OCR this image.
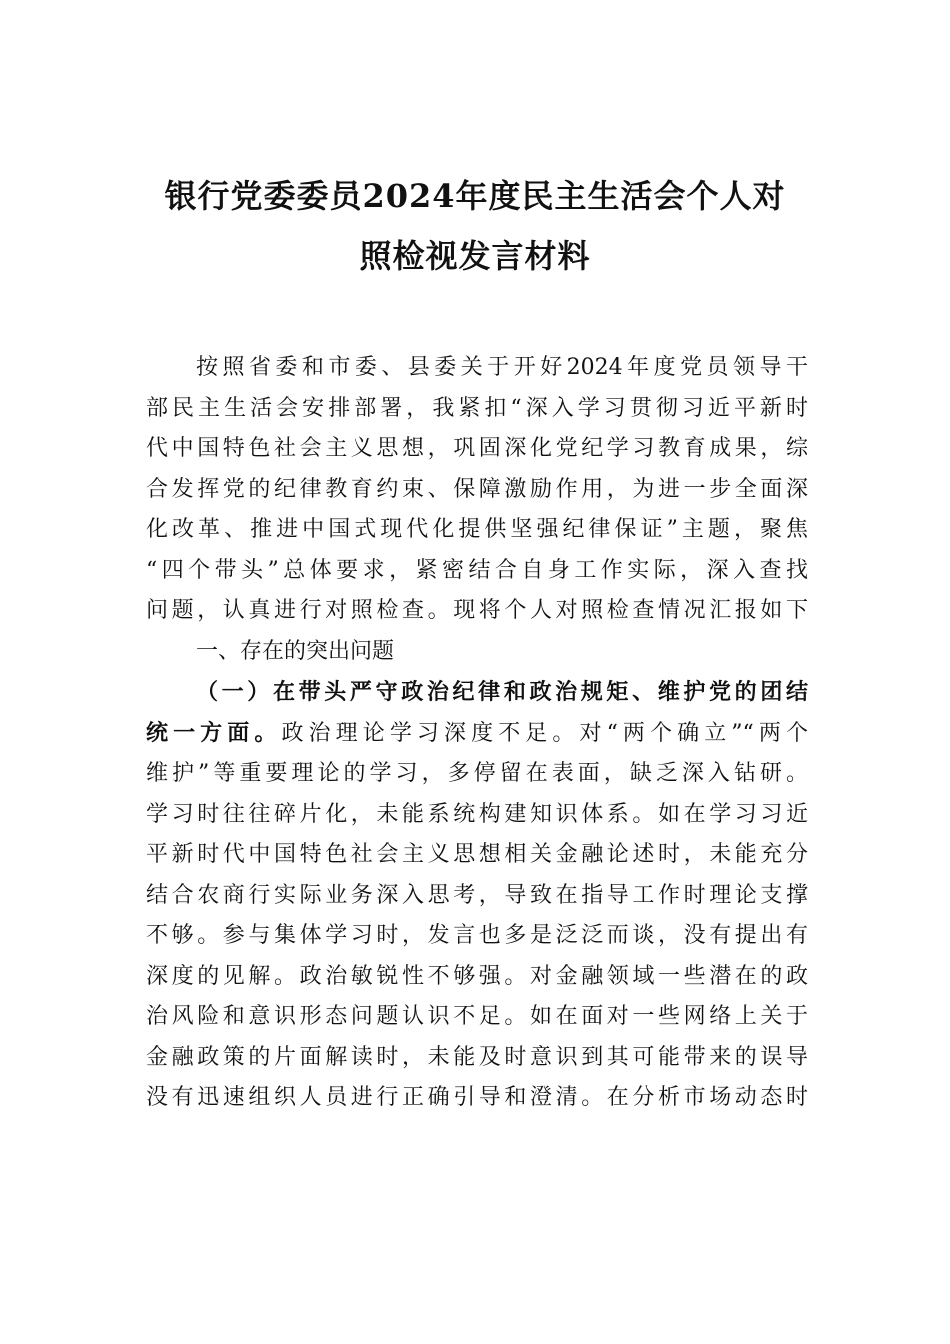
银行党委委员2024年度民主生活会个人对
照检视发言材料

按照省委和市委、县委关于开好2024年度党员领导干
部民主生活会安排部署，我紧扣“深入学习贯彻习近平新时
代中国特色社会主义思想，巩固深化党纪学习教育成果，综
合发挥党的纪律教育约束、保障激励作用，为进一步全面深
化改革、推进中国式现代化提供坚强纪律保证”主题，聚焦
“四个带头”总体要求，紧密结合自身工作实际，深入查找
问题，认真进行对照检查。现将个人对照检查情况汇报如下

一、存在的突出问题

（一）在带头严守政治纪律和政治规矩、维护党的团结
统一方面。政治理论学习深度不足。对“两个确立”“两个
维护”等重要理论的学习，多停留在表面，缺乏深入钻研。
学习时往往碎片化，未能系统构建知识体系。如在学习习近
平新时代中国特色社会主义思想相关金融论述时，未能充分
结合农商行实际业务深入思考，导致在指导工作时理论支撑
不够。参与集体学习时，发言也多是泛泛而谈，没有提出有
深度的见解。政治敏锐性不够强。对金融领域一些潜在的政
治风险和意识形态问题认识不足。如在面对一些网络上关于
金融政策的片面解读时，未能及时意识到其可能带来的误导
没有迅速组织人员进行正确引导和澄清。在分析市场动态时
